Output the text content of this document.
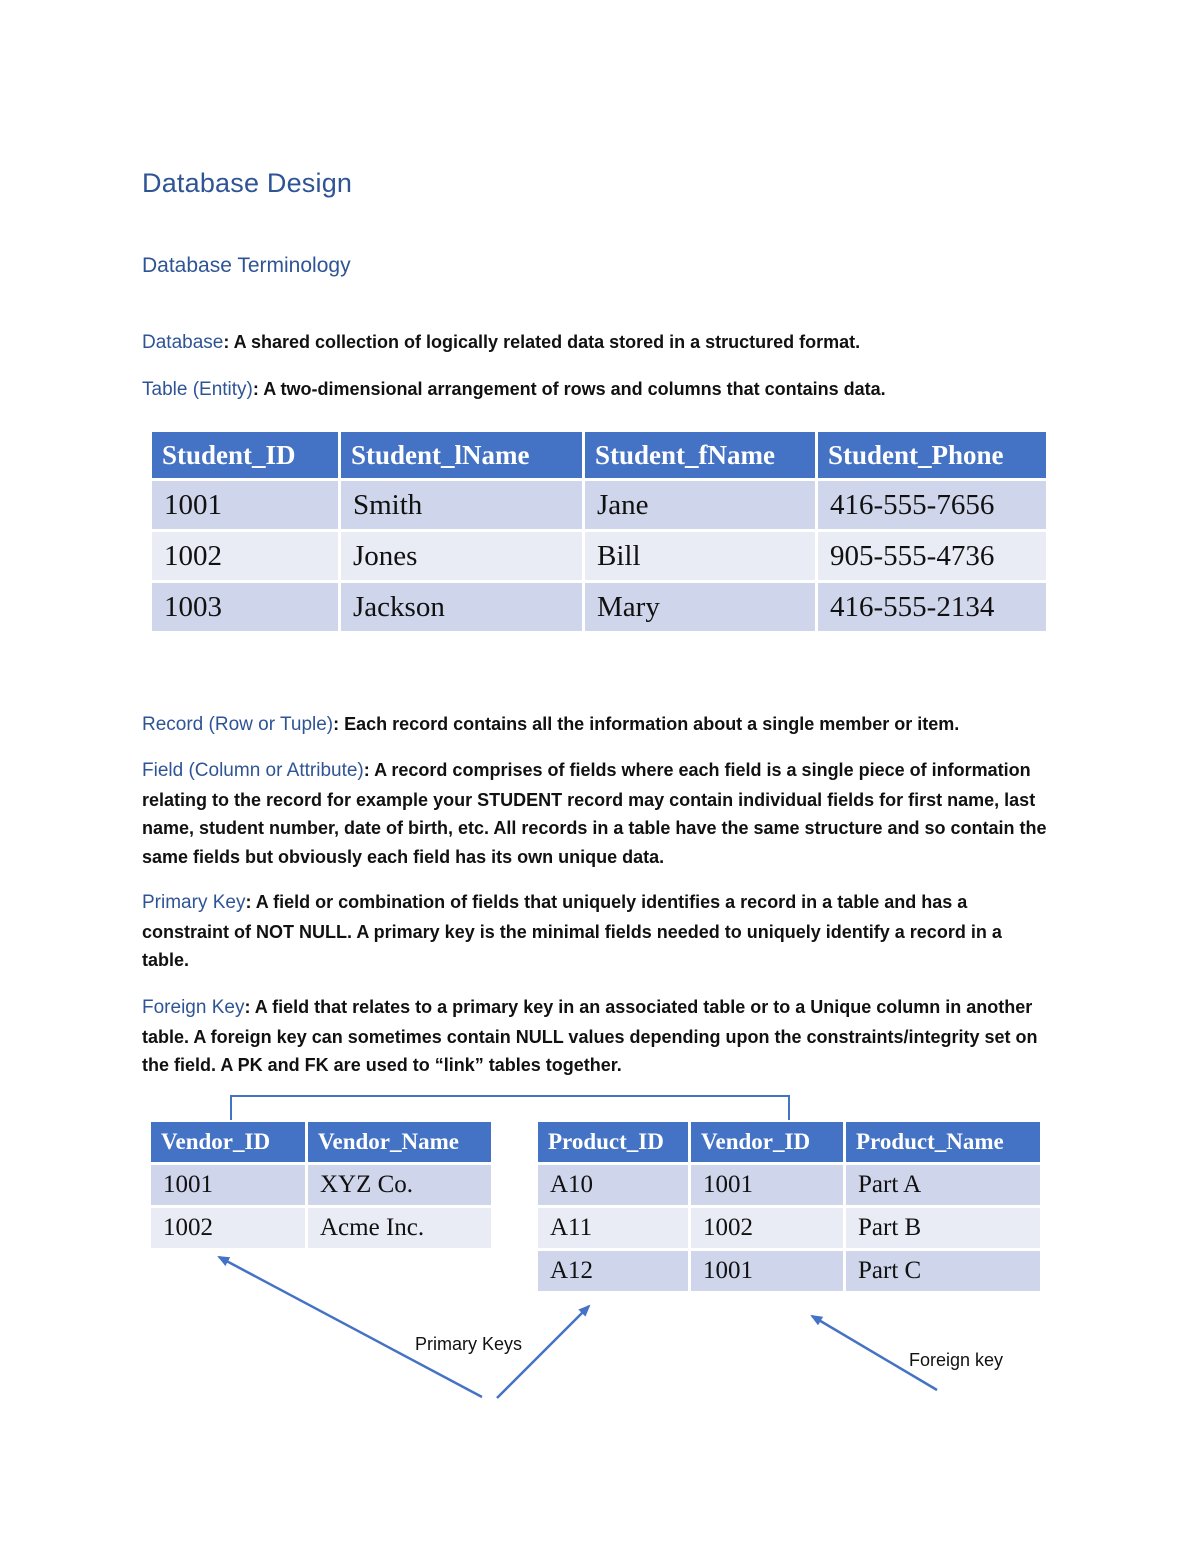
Database Design
Database Terminology
Database: A shared collection of logically related data stored in a structured format.
Table (Entity): A two-dimensional arrangement of rows and columns that contains data.
Student_ID	Student_lName	Student_fName	Student_Phone
1001	Smith	Jane	416-555-7656
1002	Jones	Bill	905-555-4736
1003	Jackson	Mary	416-555-2134
Record (Row or Tuple): Each record contains all the information about a single member or item.
Field (Column or Attribute): A record comprises of fields where each field is a single piece of information relating to the record for example your STUDENT record may contain individual fields for first name, last name, student number, date of birth, etc. All records in a table have the same structure and so contain the same fields but obviously each field has its own unique data.
Primary Key: A field or combination of fields that uniquely identifies a record in a table and has a constraint of NOT NULL. A primary key is the minimal fields needed to uniquely identify a record in a table.
Foreign Key: A field that relates to a primary key in an associated table or to a Unique column in another table. A foreign key can sometimes contain NULL values depending upon the constraints/integrity set on the field. A PK and FK are used to “link” tables together.
Vendor_ID	Vendor_Name
1001	XYZ Co.
1002	Acme Inc.
Product_ID	Vendor_ID	Product_Name
A10	1001	Part A
A11	1002	Part B
A12	1001	Part C
Primary Keys
Foreign key
